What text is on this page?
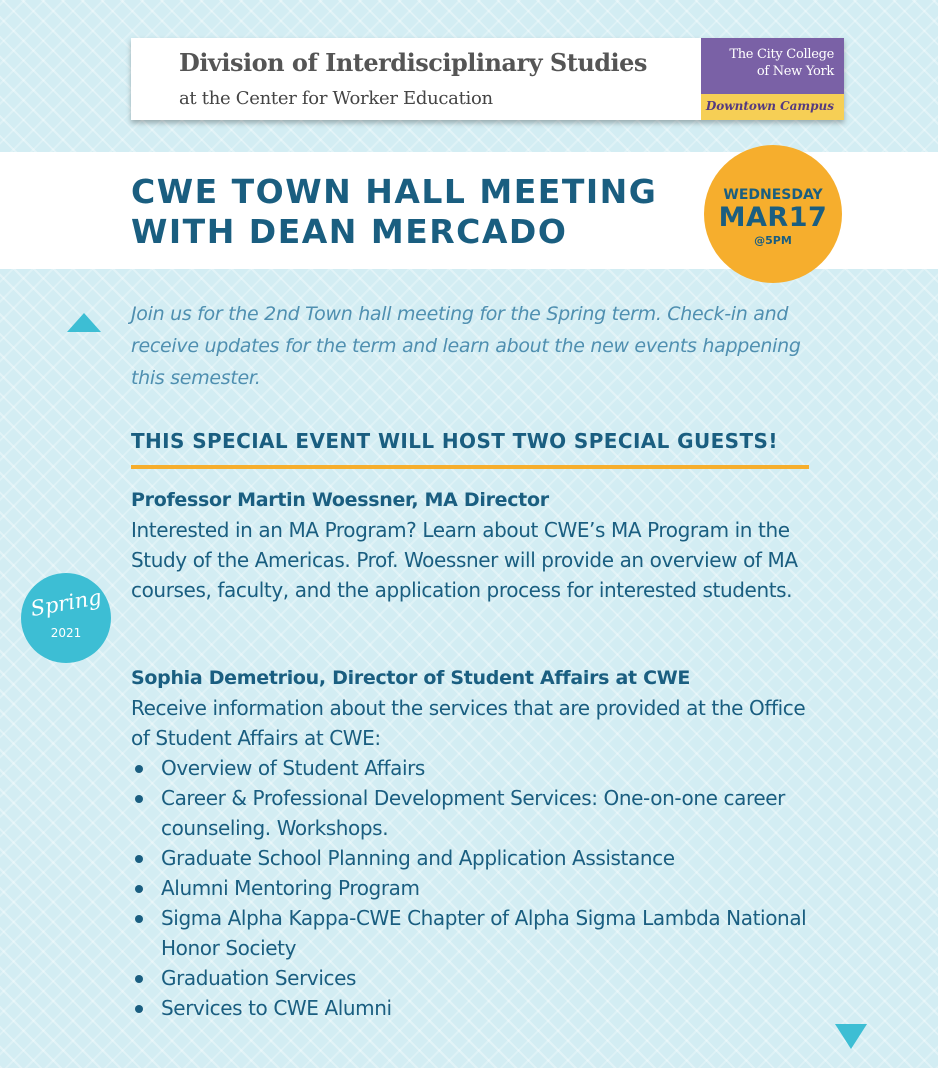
Division of Interdisciplinary Studies
at the Center for Worker Education
The City College
of New York
Downtown Campus
CWE TOWN HALL MEETING
WITH DEAN MERCADO
WEDNESDAY
MAR17
@5PM

Join us for the 2nd Town hall meeting for the Spring term. Check-in and receive updates for the term and learn about the new events happening this semester.

THIS SPECIAL EVENT WILL HOST TWO SPECIAL GUESTS!
Spring
2021
Professor Martin Woessner, MA Director
Interested in an MA Program? Learn about CWE’s MA Program in the Study of the Americas. Prof. Woessner will provide an overview of MA courses, faculty, and the application process for interested students.
Sophia Demetriou, Director of Student Affairs at CWE
Receive information about the services that are provided at the Office of Student Affairs at CWE:
Overview of Student Affairs
Career & Professional Development Services: One-on-one career counseling. Workshops.
Graduate School Planning and Application Assistance
Alumni Mentoring Program
Sigma Alpha Kappa-CWE Chapter of Alpha Sigma Lambda National Honor Society
Graduation Services
Services to CWE Alumni
